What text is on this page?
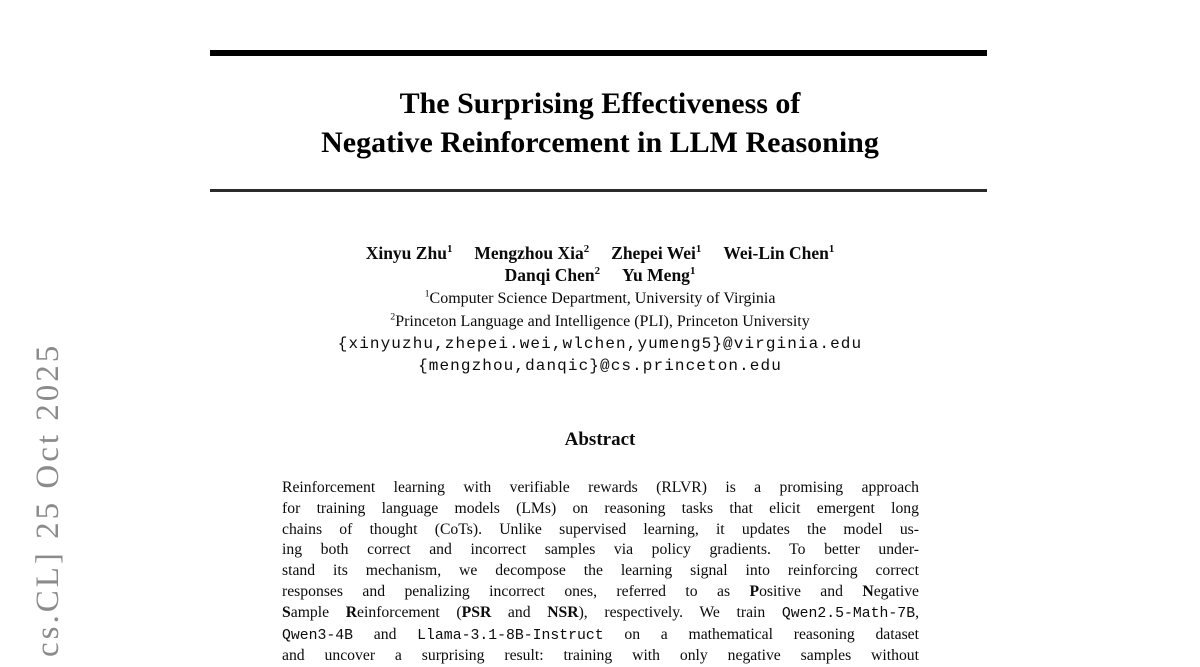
cs.CL] 25 Oct 2025
The Surprising Effectiveness of
Negative Reinforcement in LLM Reasoning
Xinyu Zhu$^1$ Mengzhou Xia$^2$ Zhepei Wei$^1$ Wei-Lin Chen$^1$
Danqi Chen$^2$ Yu Meng$^1$
$^1$Computer Science Department, University of Virginia
$^2$Princeton Language and Intelligence (PLI), Princeton University
{xinyuzhu,zhepei.wei,wlchen,yumeng5}@virginia.edu
{mengzhou,danqic}@cs.princeton.edu
Abstract
Reinforcement learning with verifiable rewards (RLVR) is a promising approach
for training language models (LMs) on reasoning tasks that elicit emergent long
chains of thought (CoTs). Unlike supervised learning, it updates the model us-
ing both correct and incorrect samples via policy gradients. To better under-
stand its mechanism, we decompose the learning signal into reinforcing correct
responses and penalizing incorrect ones, referred to as Positive and Negative
Sample Reinforcement (PSR and NSR), respectively. We train Qwen2.5-Math-7B,
Qwen3-4B and Llama-3.1-8B-Instruct on a mathematical reasoning dataset
and uncover a surprising result: training with only negative samples without
